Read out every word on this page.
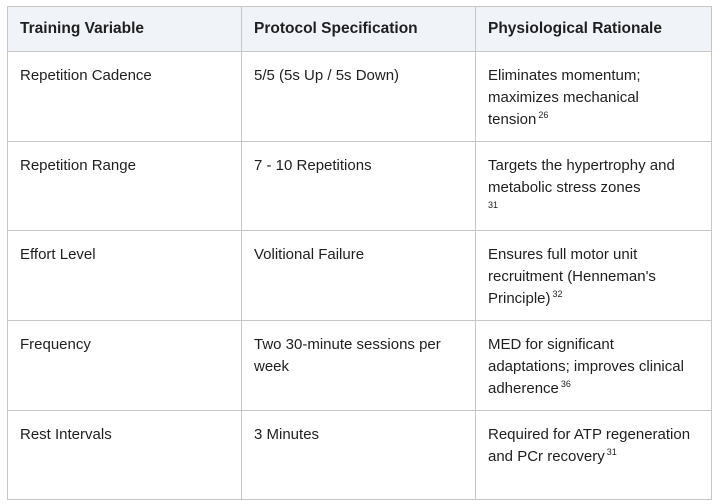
Training Variable	Protocol Specification	Physiological Rationale
Repetition Cadence	5/5 (5s Up / 5s Down)	Eliminates momentum; maximizes mechanical tension $^{26}$
Repetition Range	7 - 10 Repetitions	Targets the hypertrophy and metabolic stress zones
31

Effort Level	Volitional Failure	Ensures full motor unit recruitment (Henneman's Principle) $^{32}$
Frequency	Two 30-minute sessions per week	MED for significant adaptations; improves clinical adherence $^{36}$
Rest Intervals	3 Minutes	Required for ATP regeneration and PCr recovery $^{31}$
